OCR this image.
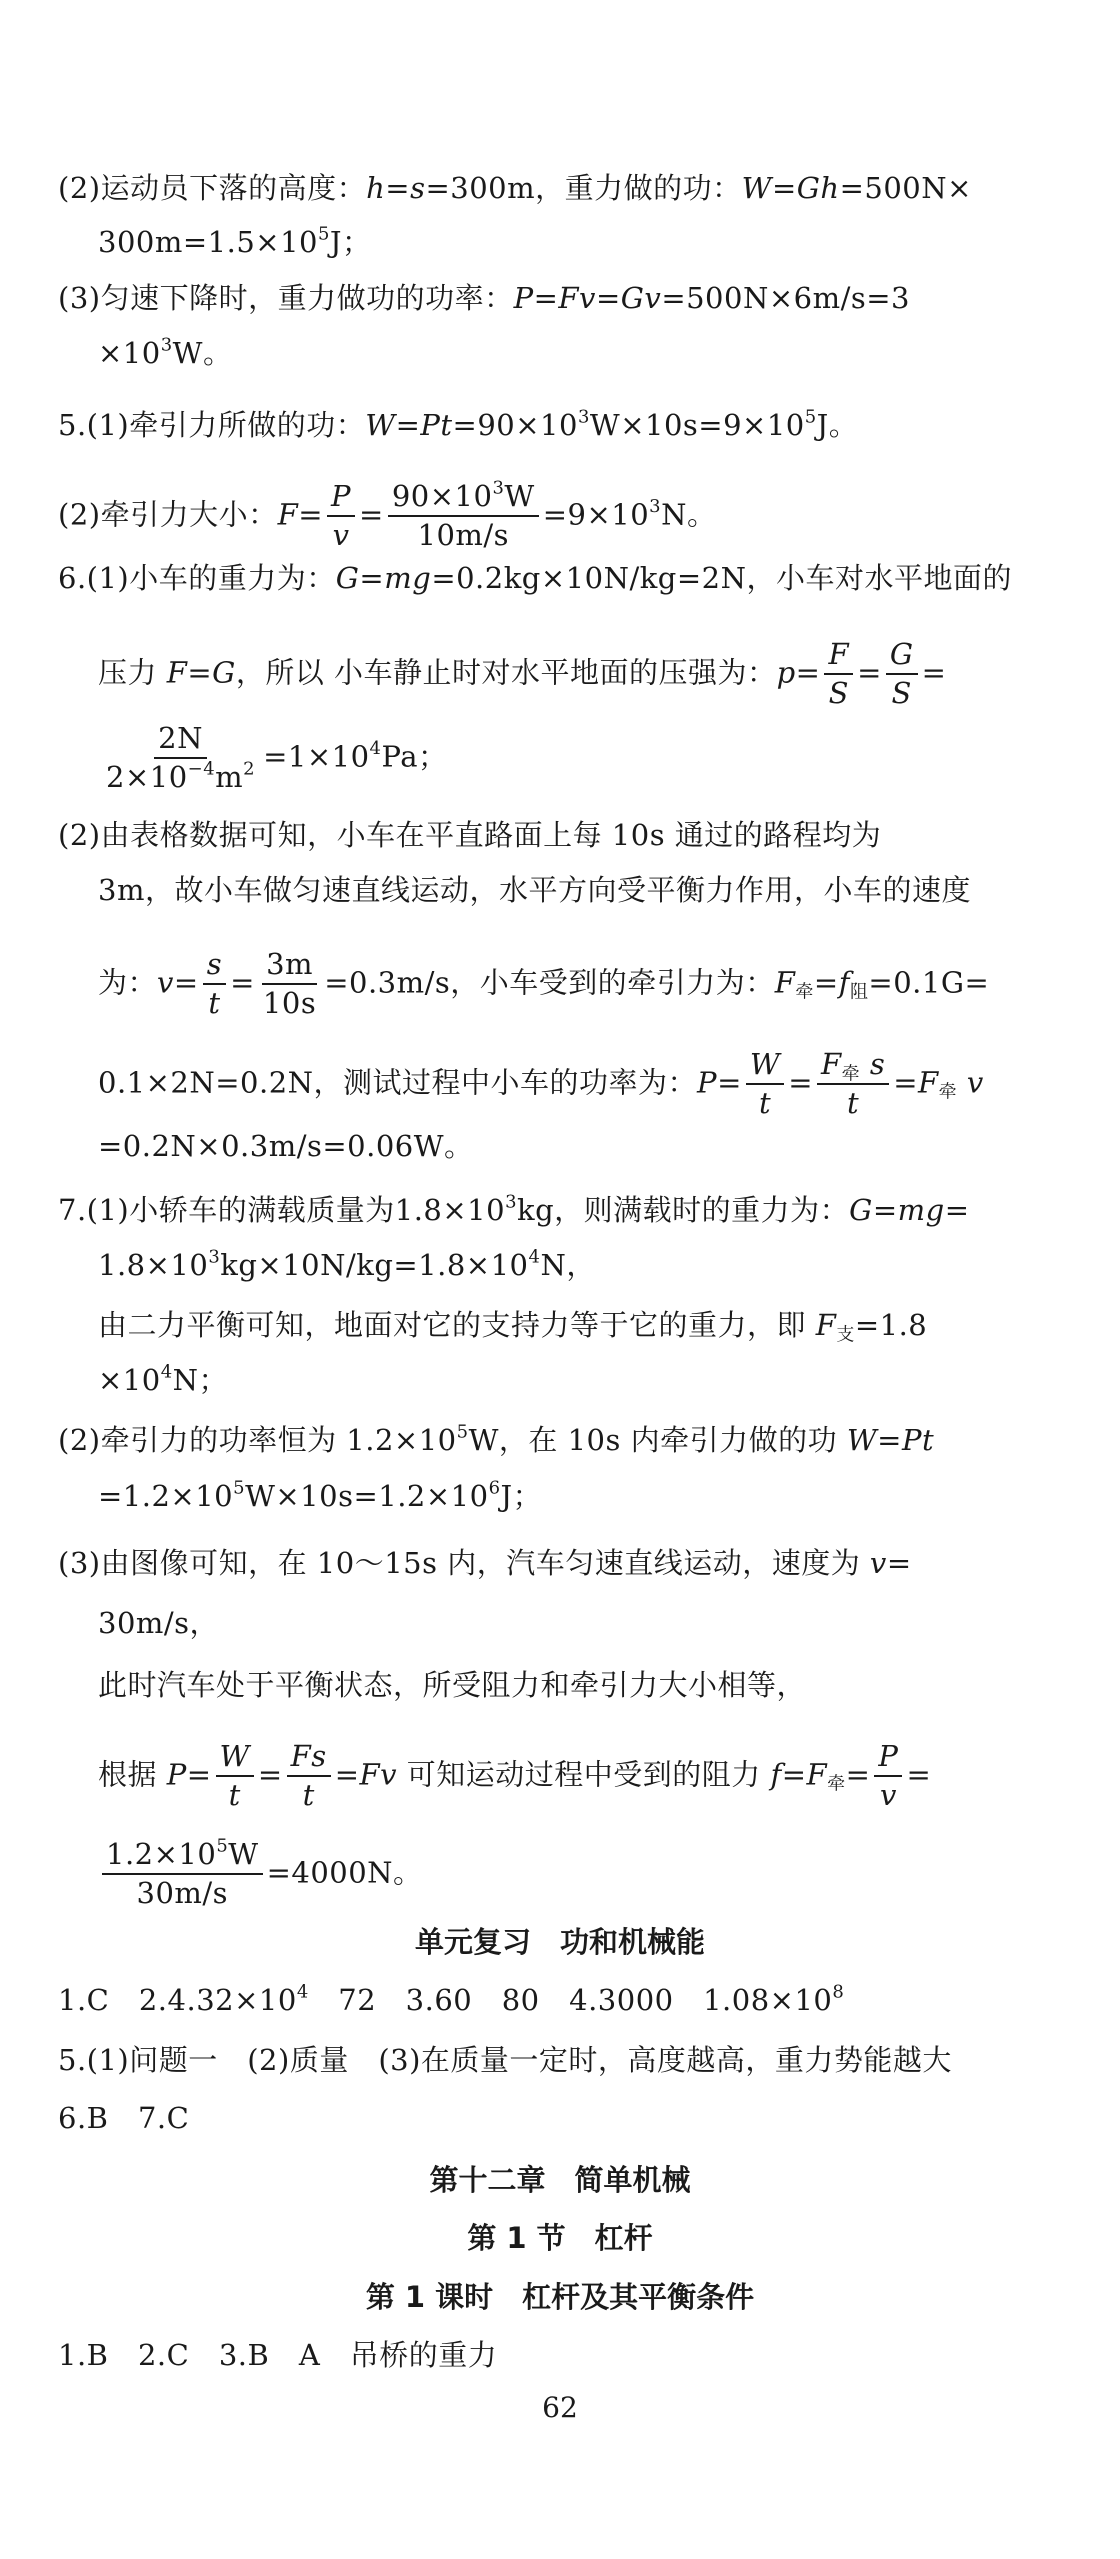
(2)运动员下落的高度：h=s=300m，重力做的功：W=Gh=500N×
$300m=1.5\times 10^5J$；
(3)匀速下降时，重力做功的功率：P=Fv=Gv=500N×6m/s=3
$\times 10^3W$。
5.(1)牵引力所做的功：$W=Pt=90\times 10^3W\times 10s=9\times 10^5J$。
(2)牵引力大小：$F= \frac{P}{v} = \frac{90\times 10^3W}{10m/s} =9\times 10^3N$。
6.(1)小车的重力为：G=mg=0.2kg×10N/kg=2N，小车对水平地面的
压力 F=G，所以 小车静止时对水平地面的压强为：$p= \frac{F}{S} = \frac{G}{S}$ =
$\frac{2N}{2\times 10^{-4}m^2} =1\times 10^4Pa$；
(2)由表格数据可知，小车在平直路面上每 10s 通过的路程均为
3m，故小车做匀速直线运动，水平方向受平衡力作用，小车的速度
为：$v= \frac{s}{t} = \frac{3m}{10s} =0.3m/s$，小车受到的牵引力为：$F_牵=f_阻=0.1G=$
0.1×2N=0.2N，测试过程中小车的功率为：$P= \frac{W}{t} = \frac{F_牵 s}{t} =F_牵$ v
=0.2N×0.3m/s=0.06W。
7.(1)小轿车的满载质量为$1.8\times 10^3kg$，则满载时的重力为：G=mg=
$1.8\times 10^3kg\times 10N/kg=1.8\times 10^4N$，
由二力平衡可知，地面对它的支持力等于它的重力，即 $F_支=1.8$
$\times 10^4N$；
(2)牵引力的功率恒为 $1.2\times 10^5W$，在 10s 内牵引力做的功 W=Pt
$=1.2\times 10^5W\times 10s=1.2\times 10^6J$；
(3)由图像可知，在 10～15s 内，汽车匀速直线运动，速度为 v=
30m/s，
此时汽车处于平衡状态，所受阻力和牵引力大小相等，
根据 $P= \frac{W}{t} = \frac{Fs}{t} =Fv$ 可知运动过程中受到的阻力 $f=F_牵= \frac{P}{v}$ =
$\frac{1.2\times 10^5W}{30m/s} =4000N$。
单元复习　功和机械能
1.C　$2.4.32\times 10^4$　72　3.60　80　4.3000　$1.08\times 10^8$
5.(1)问题一　(2)质量　(3)在质量一定时，高度越高，重力势能越大
6.B　7.C
第十二章　简单机械
第 1 节　杠杆
第 1 课时　杠杆及其平衡条件
1.B　2.C　3.B　A　吊桥的重力
62
